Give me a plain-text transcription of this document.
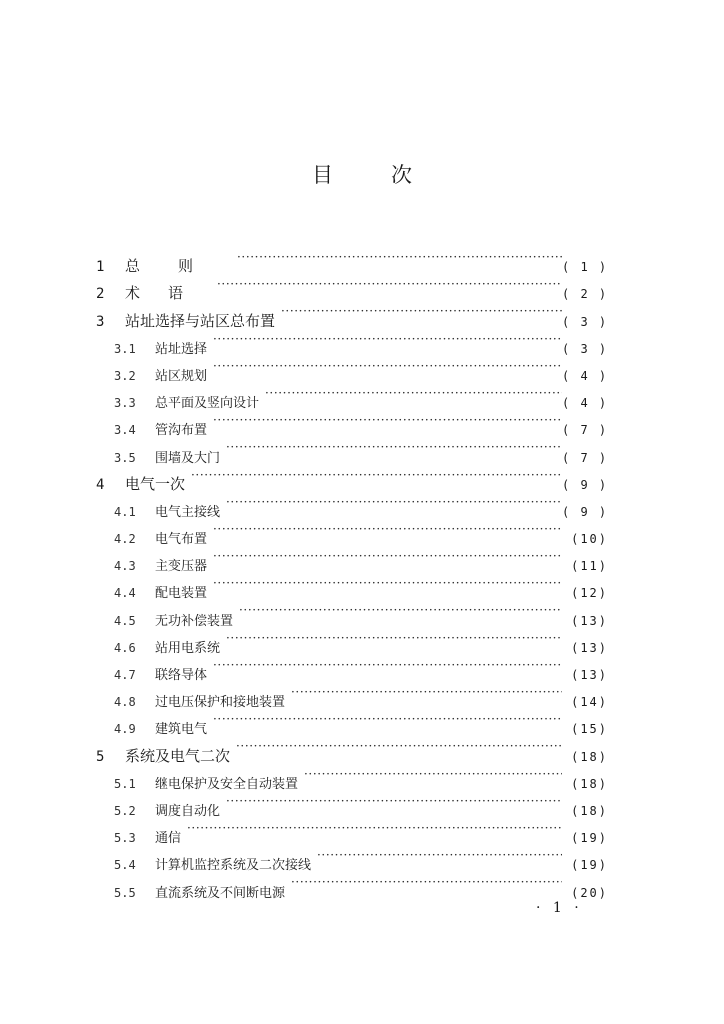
目次
1	总则 ·····	( 1 )
2	术语 ·····	( 2 )
3	站址选择与站区总布置 ·····	( 3 )
3.1	站址选择 ·····	( 3 )
3.2	站区规划 ·····	( 4 )
3.3	总平面及竖向设计 ·····	( 4 )
3.4	管沟布置 ·····	( 7 )
3.5	围墙及大门 ·····	( 7 )
4	电气一次 ·····	( 9 )
4.1	电气主接线 ·····	( 9 )
4.2	电气布置 ·····	(10)
4.3	主变压器 ·····	(11)
4.4	配电装置 ·····	(12)
4.5	无功补偿装置 ·····	(13)
4.6	站用电系统 ·····	(13)
4.7	联络导体 ·····	(13)
4.8	过电压保护和接地装置 ·····	(14)
4.9	建筑电气 ·····	(15)
5	系统及电气二次 ·····	(18)
5.1	继电保护及安全自动装置 ·····	(18)
5.2	调度自动化 ·····	(18)
5.3	通信 ·····	(19)
5.4	计算机监控系统及二次接线 ·····	(19)
5.5	直流系统及不间断电源 ·····	(20)
· 1 ·
